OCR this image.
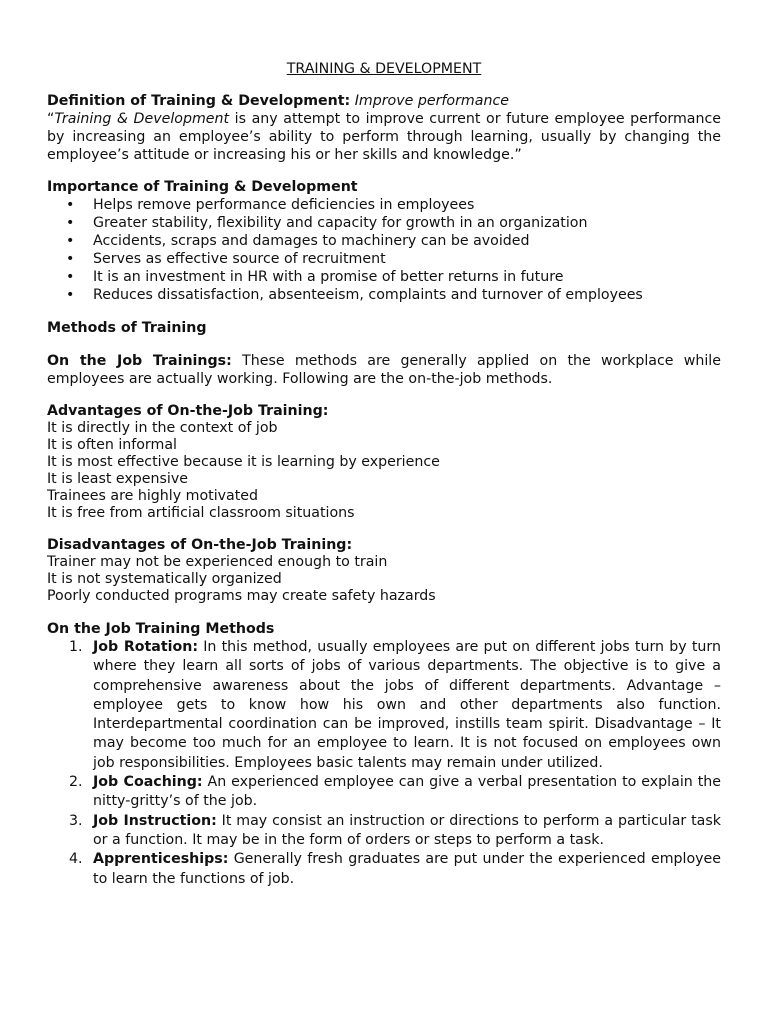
TRAINING & DEVELOPMENT

Definition of Training & Development: Improve performance

“Training & Development is any attempt to improve current or future employee performance by increasing an employee’s ability to perform through learning, usually by changing the employee’s attitude or increasing his or her skills and knowledge.”

Importance of Training & Development

• Helps remove performance deficiencies in employees
• Greater stability, flexibility and capacity for growth in an organization
• Accidents, scraps and damages to machinery can be avoided
• Serves as effective source of recruitment
• It is an investment in HR with a promise of better returns in future
• Reduces dissatisfaction, absenteeism, complaints and turnover of employees

Methods of Training

On the Job Trainings: These methods are generally applied on the workplace while employees are actually working. Following are the on-the-job methods.

Advantages of On-the-Job Training:

It is directly in the context of job

It is often informal

It is most effective because it is learning by experience

It is least expensive

Trainees are highly motivated

It is free from artificial classroom situations

Disadvantages of On-the-Job Training:

Trainer may not be experienced enough to train

It is not systematically organized

Poorly conducted programs may create safety hazards

On the Job Training Methods

1. Job Rotation: In this method, usually employees are put on different jobs turn by turn where they learn all sorts of jobs of various departments. The objective is to give a comprehensive awareness about the jobs of different departments. Advantage – employee gets to know how his own and other departments also function. Interdepartmental coordination can be improved, instills team spirit. Disadvantage – It may become too much for an employee to learn. It is not focused on employees own job responsibilities. Employees basic talents may remain under utilized.
2. Job Coaching: An experienced employee can give a verbal presentation to explain the nitty-gritty’s of the job.
3. Job Instruction: It may consist an instruction or directions to perform a particular task or a function. It may be in the form of orders or steps to perform a task.
4. Apprenticeships: Generally fresh graduates are put under the experienced employee to learn the functions of job.
